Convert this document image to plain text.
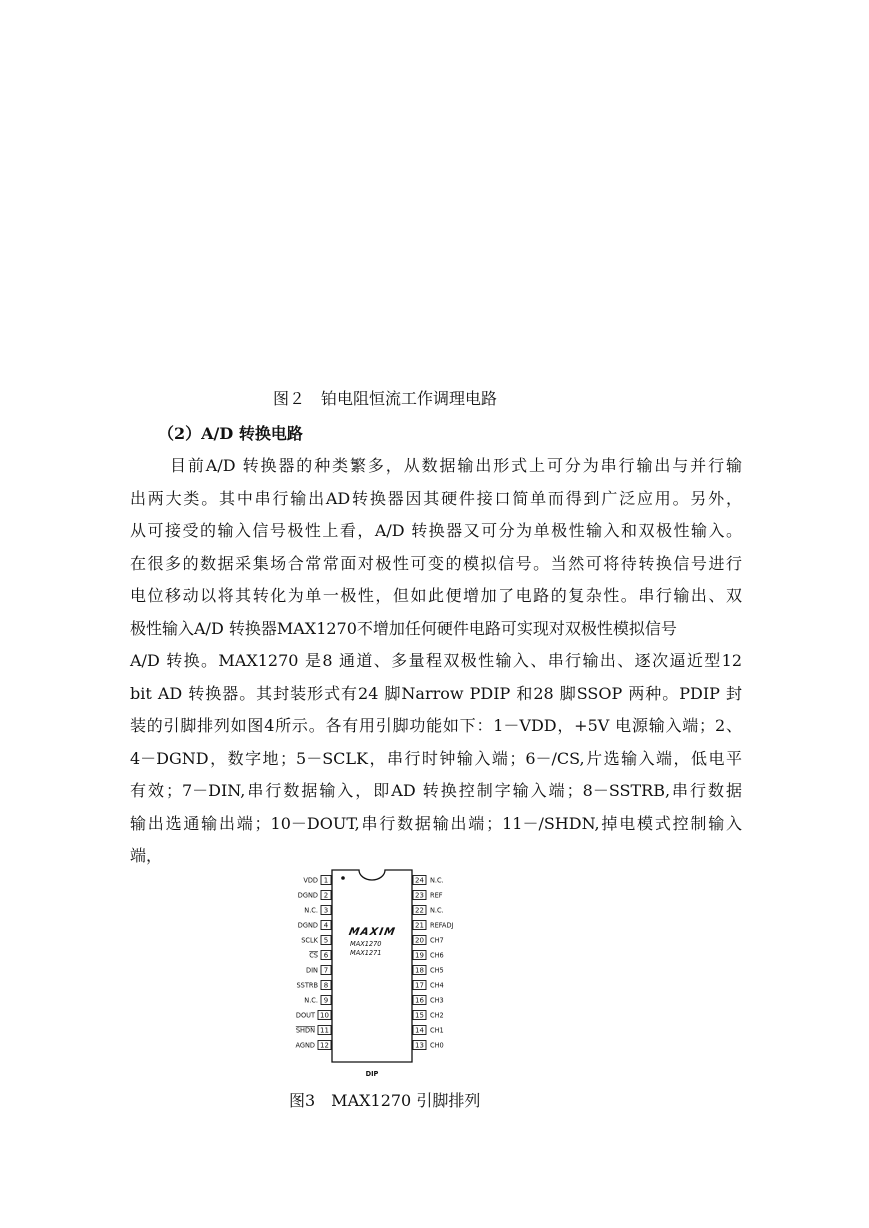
图２　铂电阻恒流工作调理电路
（2）A/D 转换电路
目前A/D 转换器的种类繁多，从数据输出形式上可分为串行输出与并行输
出两大类。其中串行输出AD转换器因其硬件接口简单而得到广泛应用。另外，
从可接受的输入信号极性上看，A/D 转换器又可分为单极性输入和双极性输入。
在很多的数据采集场合常常面对极性可变的模拟信号。当然可将待转换信号进行
电位移动以将其转化为单一极性，但如此便增加了电路的复杂性。串行输出、双
极性输入A/D 转换器MAX1270不增加任何硬件电路可实现对双极性模拟信号
A/D 转换。MAX1270 是8 通道、多量程双极性输入、串行输出、逐次逼近型12
bit AD 转换器。其封装形式有24 脚Narrow PDIP 和28 脚SSOP 两种。PDIP 封
装的引脚排列如图4所示。各有用引脚功能如下：1－VDD，+5V 电源输入端；2、
4－DGND，数字地；5－SCLK，串行时钟输入端；6－/CS,片选输入端，低电平
有效；7－DIN,串行数据输入，即AD 转换控制字输入端；8－SSTRB,串行数据
输出选通输出端；10－DOUT,串行数据输出端；11－/SHDN,掉电模式控制输入
端，
MAXIM
MAX1270
MAX1271
DIP
1
VDD
2
DGND
3
N.C.
4
DGND
5
SCLK
6
CS
7
DIN
8
SSTRB
9
N.C.
10
DOUT
11
SHDN
12
AGND
24 N.C.
23 REF
22 N.C.
21 REFADJ
20 CH7
19 CH6
18 CH5
17 CH4
16 CH3
15 CH2
14 CH1
13 CH0
图3　MAX1270 引脚排列
